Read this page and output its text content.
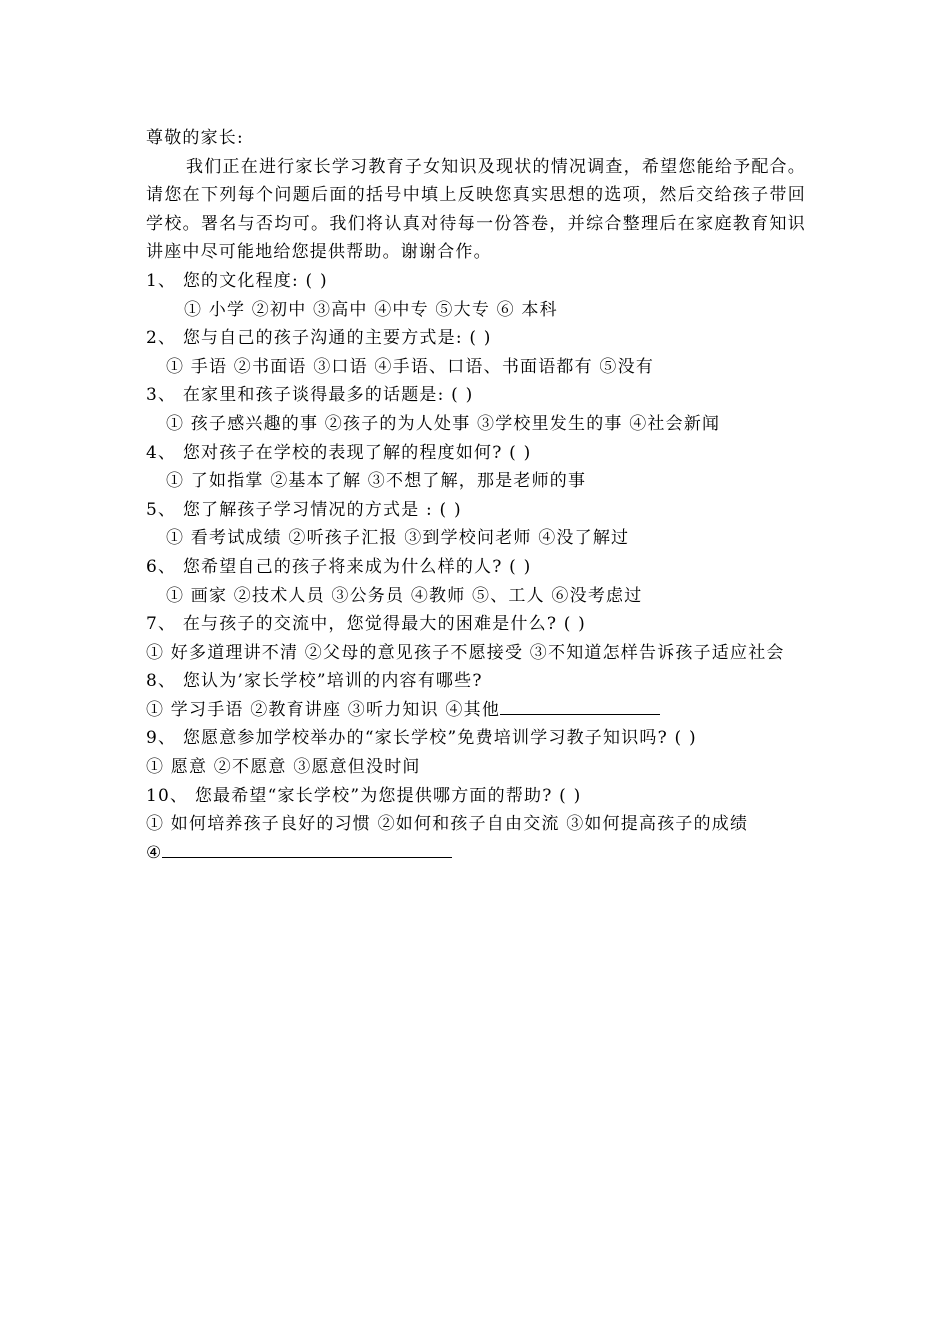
尊敬的家长:
我们正在进行家长学习教育子女知识及现状的情况调查，希望您能给予配合。请您在下列每个问题后面的括号中填上反映您真实思想的选项，然后交给孩子带回学校。署名与否均可。我们将认真对待每一份答卷，并综合整理后在家庭教育知识讲座中尽可能地给您提供帮助。谢谢合作。
1、 您的文化程度: ( )
① 小学 ②初中 ③高中 ④中专 ⑤大专 ⑥ 本科
2、 您与自己的孩子沟通的主要方式是: ( )
① 手语 ②书面语 ③口语 ④手语、口语、书面语都有 ⑤没有
3、 在家里和孩子谈得最多的话题是: ( )
① 孩子感兴趣的事 ②孩子的为人处事 ③学校里发生的事 ④社会新闻
4、 您对孩子在学校的表现了解的程度如何? ( )
① 了如指掌 ②基本了解 ③不想了解，那是老师的事
5、 您了解孩子学习情况的方式是 : ( )
① 看考试成绩 ②听孩子汇报 ③到学校问老师 ④没了解过
6、 您希望自己的孩子将来成为什么样的人? ( )
① 画家 ②技术人员 ③公务员 ④教师 ⑤、工人 ⑥没考虑过
7、 在与孩子的交流中，您觉得最大的困难是什么? ( )
① 好多道理讲不清 ②父母的意见孩子不愿接受 ③不知道怎样告诉孩子适应社会
8、 您认为’家长学校”培训的内容有哪些?
① 学习手语 ②教育讲座 ③听力知识 ④其他
9、 您愿意参加学校举办的“家长学校”免费培训学习教子知识吗? ( )
① 愿意 ②不愿意 ③愿意但没时间
10、 您最希望“家长学校”为您提供哪方面的帮助? ( )
① 如何培养孩子良好的习惯 ②如何和孩子自由交流 ③如何提高孩子的成绩
④
